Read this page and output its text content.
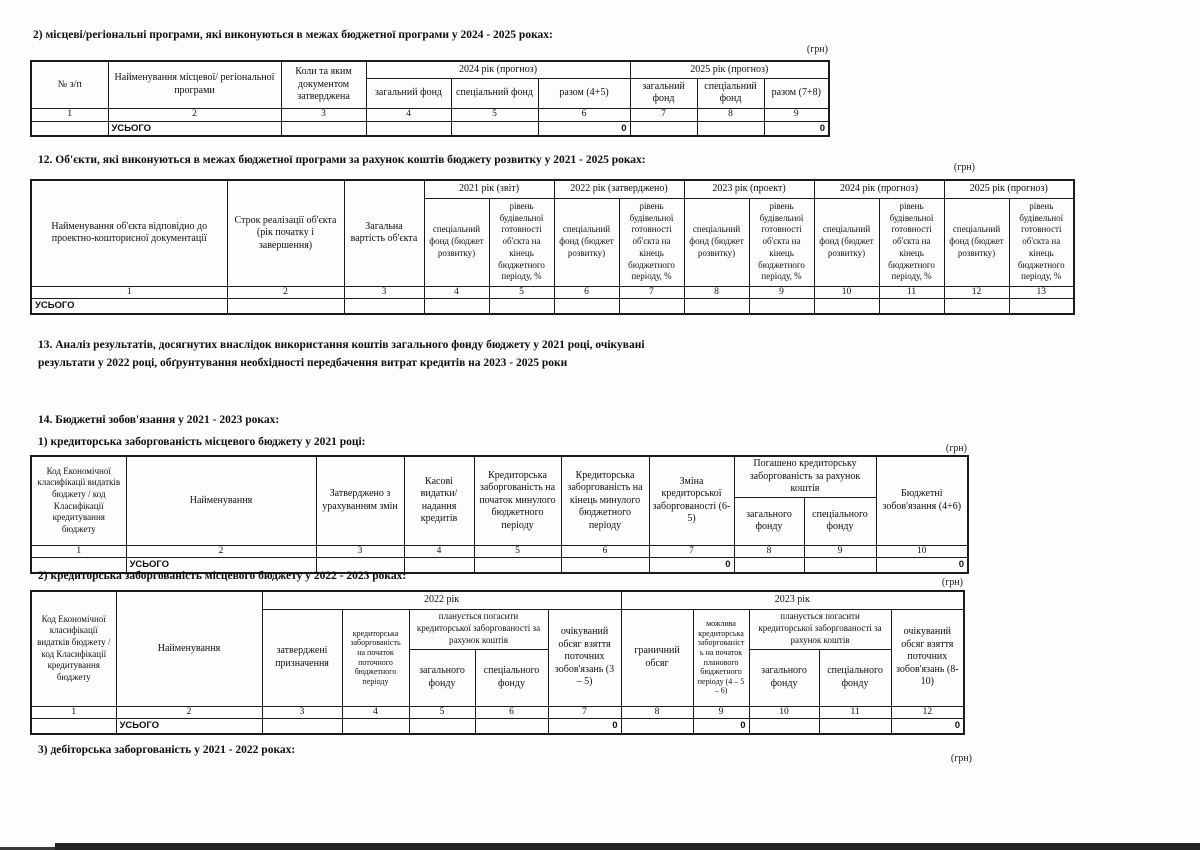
2) місцеві/регіональні програми, які виконуються в межах бюджетної програми у 2024 - 2025 роках:
(грн)
№ з/п	Найменування місцевої/ регіональної програми	Коли та яким документом затверджена	2024 рік (прогноз)			2025 рік (прогноз)		
			загальний фонд	спеціальний фонд	разом (4+5)	загальний фонд	спеціальний фонд	разом (7+8)
1	2	3	4	5	6	7	8	9
	УСЬОГО				0			0
12. Об'єкти, які виконуються в межах бюджетної програми за рахунок коштів бюджету розвитку у 2021 - 2025 роках:
(грн)
Найменування об'єкта відповідно до проектно-кошторисної документації	Строк реалізації об'єкта (рік початку і завершення)	Загальна вартість об'єкта	2021 рік (звіт)		2022 рік (затверджено)		2023 рік (проект)		2024 рік (прогноз)		2025 рік (прогноз)	
			спеціальний фонд (бюджет розвитку)	рівень будівельної готовності об'єкта на кінець бюджетного періоду, %	спеціальний фонд (бюджет розвитку)	рівень будівельної готовності об'єкта на кінець бюджетного періоду, %	спеціальний фонд (бюджет розвитку)	рівень будівельної готовності об'єкта на кінець бюджетного періоду, %	спеціальний фонд (бюджет розвитку)	рівень будівельної готовності об'єкта на кінець бюджетного періоду, %	спеціальний фонд (бюджет розвитку)	рівень будівельної готовності об'єкта на кінець бюджетного періоду, %
1	2	3	4	5	6	7	8	9	10	11	12	13
УСЬОГО												
13. Аналіз результатів, досягнутих внаслідок використання коштів загального фонду бюджету у 2021 році, очікувані результати у 2022 році, обґрунтування необхідності передбачення витрат кредитів на 2023 - 2025 роки
14. Бюджетні зобов'язання у 2021 - 2023 роках:
1) кредиторська заборгованість місцевого бюджету у 2021 році:
(грн)
Код Економічної класифікації видатків бюджету / код Класифікації кредитування бюджету	Найменування	Затверджено з урахуванням змін	Касові видатки/ надання кредитів	Кредиторська заборгованість на початок минулого бюджетного періоду	Кредиторська заборгованість на кінець минулого бюджетного періоду	Зміна кредиторської заборгованості (6-5)	Погашено кредиторську заборгованість за рахунок коштів		Бюджетні зобов'язання (4+6)
							загального фонду	спеціального фонду	
1	2	3	4	5	6	7	8	9	10
	УСЬОГО					0			0
2) кредиторська заборгованість місцевого бюджету у 2022 - 2023 роках:
(грн)
Код Економічної класифікації видатків бюджету / код Класифікації кредитування бюджету	Найменування	2022 рік					2023 рік				
		затверджені призначення	кредиторська заборгованість на початок поточного бюджетного періоду	планується погасити кредиторської заборгованості за рахунок коштів		очікуваний обсяг взяття поточних зобов'язань (3 – 5)	граничний обсяг	можлива кредиторська заборгованість на початок планового бюджетного періоду (4 – 5 – 6)	планується погасити кредиторської заборгованості за рахунок коштів		очікуваний обсяг взяття поточних зобов'язань (8-10)
				загального фонду	спеціального фонду				загального фонду	спеціального фонду	
1	2	3	4	5	6	7	8	9	10	11	12
	УСЬОГО					0		0			0
3) дебіторська заборгованість у 2021 - 2022 роках:
(грн)
